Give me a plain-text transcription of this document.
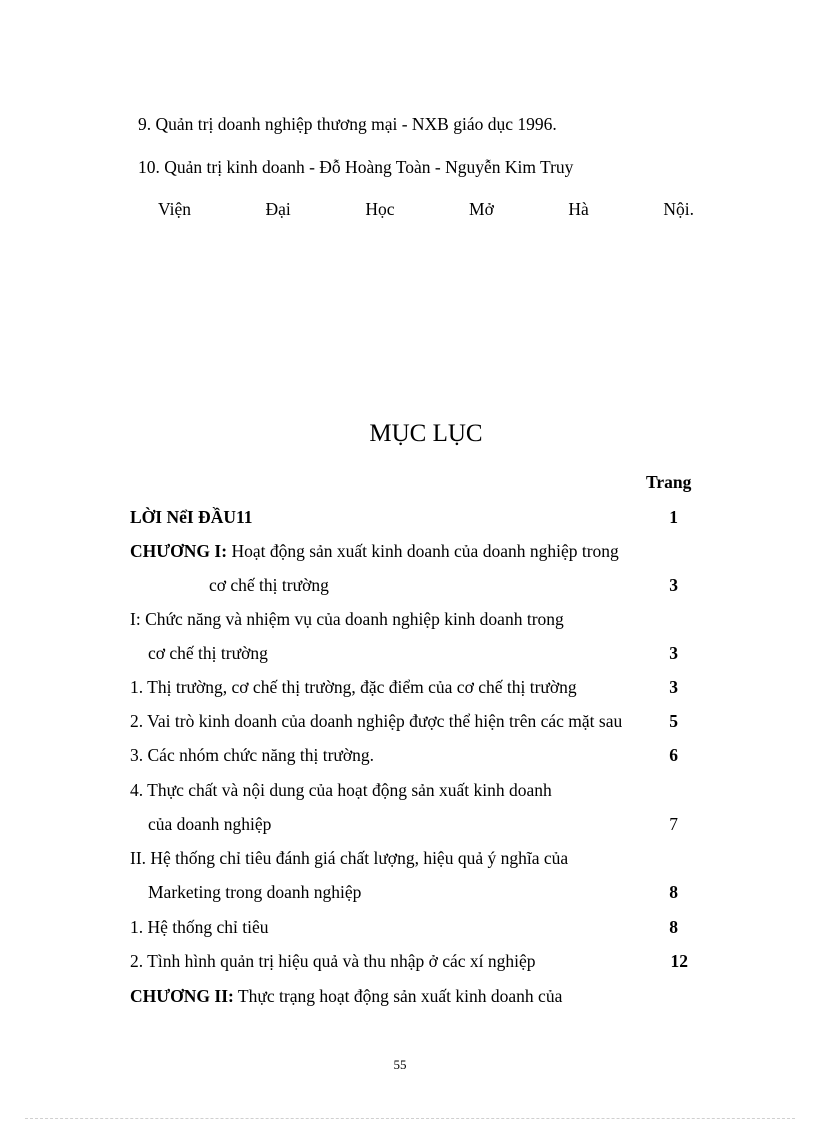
9. Quản trị doanh nghiệp thương mại - NXB giáo dục 1996.
10. Quản trị kinh doanh - Đỗ Hoàng Toàn - Nguyễn Kim Truy
Viện	Đại	Học	Mở	Hà	Nội.
MỤC LỤC
Trang
LỜI NểI ĐẦU11	1
CHƯƠNG I: Hoạt động sản xuất kinh doanh của doanh nghiệp trong
cơ chế thị trường	3
I: Chức năng và nhiệm vụ của doanh nghiệp kinh doanh trong
cơ chế thị trường	3
1. Thị trường, cơ chế thị trường, đặc điểm của cơ chế thị trường	3
2. Vai trò kinh doanh của doanh nghiệp được thể hiện trên các mặt sau	5
3. Các nhóm chức năng thị trường.	6
4. Thực chất và nội dung của hoạt động sản xuất kinh doanh
của doanh nghiệp	7
II. Hệ thống chỉ tiêu đánh giá chất lượng, hiệu quả ý nghĩa của
Marketing trong doanh nghiệp	8
1. Hệ thống chỉ tiêu	8
2. Tình hình quản trị hiệu quả và thu nhập ở các xí nghiệp	12
CHƯƠNG II: Thực trạng hoạt động sản xuất kinh doanh của
55
